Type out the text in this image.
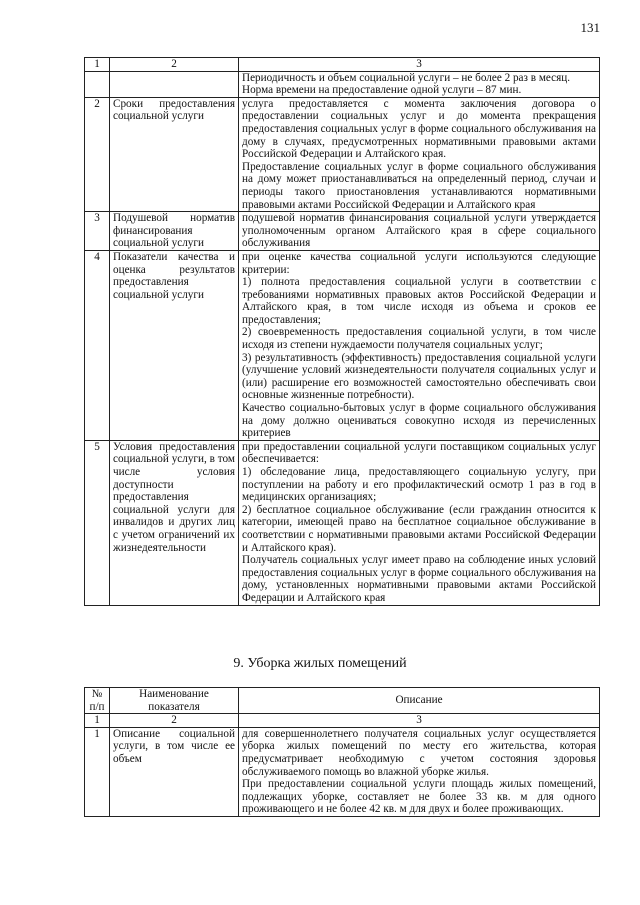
131
1	2	3

		Периодичность и объем социальной услуги – не более 2 раз в месяц.

Норма времени на предоставление одной услуги – 87 мин.

2	Сроки предоставления социальной услуги	услуга предоставляется с момента заключения договора о предоставлении социальных услуг и до момента прекращения предоставления социальных услуг в форме социального обслуживания на дому в случаях, предусмотренных нормативными правовыми актами Российской Федерации и Алтайского края.

Предоставление социальных услуг в форме социального обслуживания на дому может приостанавливаться на определенный период, случаи и периоды такого приостановления устанавливаются нормативными правовыми актами Российской Федерации и Алтайского края

3	Подушевой норматив финансирования социальной услуги	подушевой норматив финансирования социальной услуги утверждается уполномоченным органом Алтайского края в сфере социального обслуживания

4	Показатели качества и оценка результатов предоставления социальной услуги	при оценке качества социальной услуги используются следующие критерии:

1) полнота предоставления социальной услуги в соответствии с требованиями нормативных правовых актов Российской Федерации и Алтайского края, в том числе исходя из объема и сроков ее предоставления;

2) своевременность предоставления социальной услуги, в том числе исходя из степени нуждаемости получателя социальных услуг;

3) результативность (эффективность) предоставления социальной услуги (улучшение условий жизнедеятельности получателя социальных услуг и (или) расширение его возможностей самостоятельно обеспечивать свои основные жизненные потребности).

Качество социально-бытовых услуг в форме социального обслуживания на дому должно оцениваться совокупно исходя из перечисленных критериев

5	Условия предоставления социальной услуги, в том числе условия доступности предоставления социальной услуги для инвалидов и других лиц с учетом ограничений их жизнедеятельности	при предоставлении социальной услуги поставщиком социальных услуг обеспечивается:

1) обследование лица, предоставляющего социальную услугу, при поступлении на работу и его профилактический осмотр 1 раз в год в медицинских организациях;

2) бесплатное социальное обслуживание (если гражданин относится к категории, имеющей право на бесплатное социальное обслуживание в соответствии с нормативными правовыми актами Российской Федерации и Алтайского края).

Получатель социальных услуг имеет право на соблюдение иных условий предоставления социальных услуг в форме социального обслуживания на дому, установленных нормативными правовыми актами Российской Федерации и Алтайского края

9. Уборка жилых помещений
№ п/п	Наименование показателя	Описание
1	2	3
1	Описание социальной услуги, в том числе ее объем	для совершеннолетнего получателя социальных услуг осуществляется уборка жилых помещений по месту его жительства, которая предусматривает необходимую с учетом состояния здоровья обслуживаемого помощь во влажной уборке жилья.

При предоставлении социальной услуги площадь жилых помещений, подлежащих уборке, составляет не более 33 кв. м для одного проживающего и не более 42 кв. м для двух и более проживающих.
